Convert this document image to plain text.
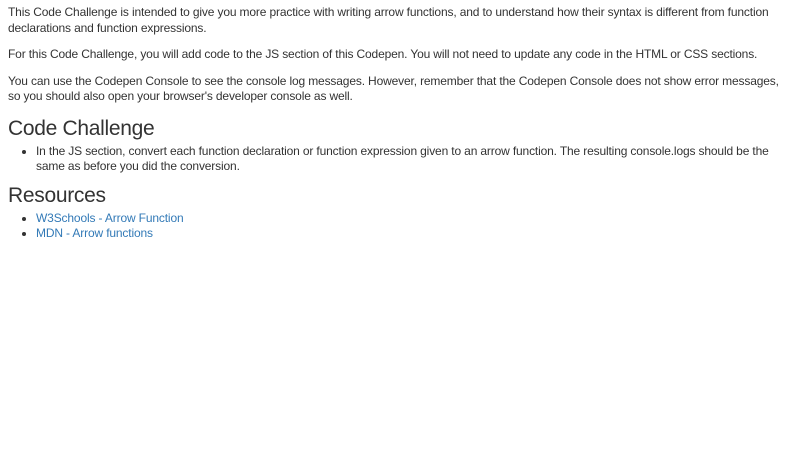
This Code Challenge is intended to give you more practice with writing arrow functions, and to understand how their syntax is different from function declarations and function expressions.

For this Code Challenge, you will add code to the JS section of this Codepen. You will not need to update any code in the HTML or CSS sections.

You can use the Codepen Console to see the console log messages. However, remember that the Codepen Console does not show error messages, so you should also open your browser's developer console as well.

Code Challenge
• In the JS section, convert each function declaration or function expression given to an arrow function. The resulting console.logs should be the same as before you did the conversion.
Resources
• W3Schools - Arrow Function
• MDN - Arrow functions
